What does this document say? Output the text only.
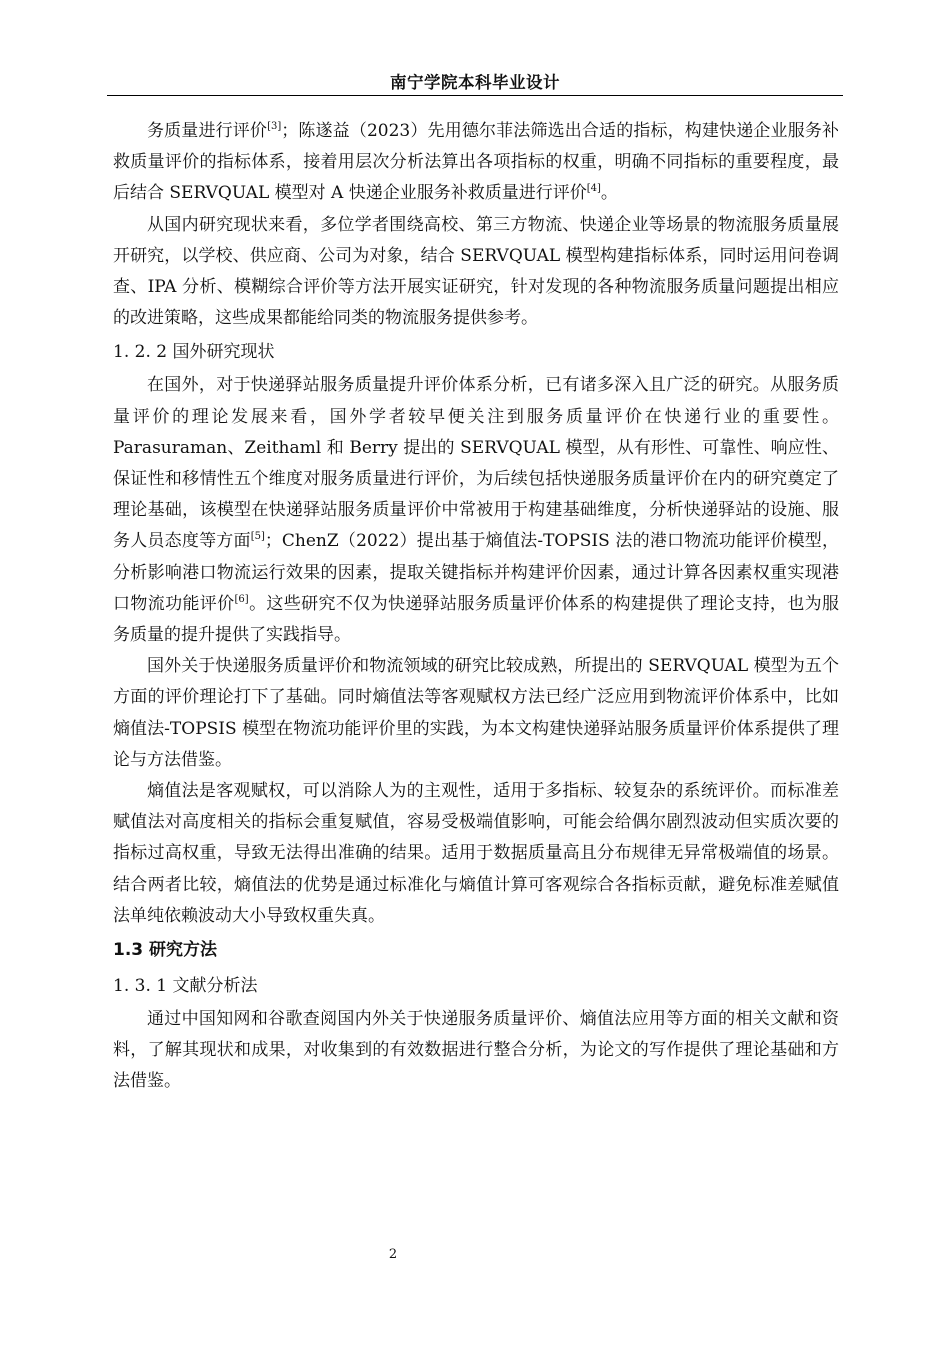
南宁学院本科毕业设计

务质量进行评价[3]；陈遂益（2023）先用德尔菲法筛选出合适的指标，构建快递企业服务补救质量评价的指标体系，接着用层次分析法算出各项指标的权重，明确不同指标的重要程度，最后结合 SERVQUAL 模型对 A 快递企业服务补救质量进行评价[4]。

从国内研究现状来看，多位学者围绕高校、第三方物流、快递企业等场景的物流服务质量展开研究，以学校、供应商、公司为对象，结合 SERVQUAL 模型构建指标体系，同时运用问卷调查、IPA 分析、模糊综合评价等方法开展实证研究，针对发现的各种物流服务质量问题提出相应的改进策略，这些成果都能给同类的物流服务提供参考。

1. 2. 2 国外研究现状

在国外，对于快递驿站服务质量提升评价体系分析，已有诸多深入且广泛的研究。从服务质量评价的理论发展来看，国外学者较早便关注到服务质量评价在快递行业的重要性。Parasuraman、Zeithaml 和 Berry 提出的 SERVQUAL 模型，从有形性、可靠性、响应性、保证性和移情性五个维度对服务质量进行评价，为后续包括快递服务质量评价在内的研究奠定了理论基础，该模型在快递驿站服务质量评价中常被用于构建基础维度，分析快递驿站的设施、服务人员态度等方面[5]；ChenZ（2022）提出基于熵值法-TOPSIS 法的港口物流功能评价模型，分析影响港口物流运行效果的因素，提取关键指标并构建评价因素，通过计算各因素权重实现港口物流功能评价[6]。这些研究不仅为快递驿站服务质量评价体系的构建提供了理论支持，也为服务质量的提升提供了实践指导。

国外关于快递服务质量评价和物流领域的研究比较成熟，所提出的 SERVQUAL 模型为五个方面的评价理论打下了基础。同时熵值法等客观赋权方法已经广泛应用到物流评价体系中，比如熵值法-TOPSIS 模型在物流功能评价里的实践，为本文构建快递驿站服务质量评价体系提供了理论与方法借鉴。

熵值法是客观赋权，可以消除人为的主观性，适用于多指标、较复杂的系统评价。而标准差赋值法对高度相关的指标会重复赋值，容易受极端值影响，可能会给偶尔剧烈波动但实质次要的指标过高权重，导致无法得出准确的结果。适用于数据质量高且分布规律无异常极端值的场景。结合两者比较，熵值法的优势是通过标准化与熵值计算可客观综合各指标贡献，避免标准差赋值法单纯依赖波动大小导致权重失真。

1.3 研究方法
1. 3. 1 文献分析法

通过中国知网和谷歌查阅国内外关于快递服务质量评价、熵值法应用等方面的相关文献和资料，了解其现状和成果，对收集到的有效数据进行整合分析，为论文的写作提供了理论基础和方法借鉴。

2
